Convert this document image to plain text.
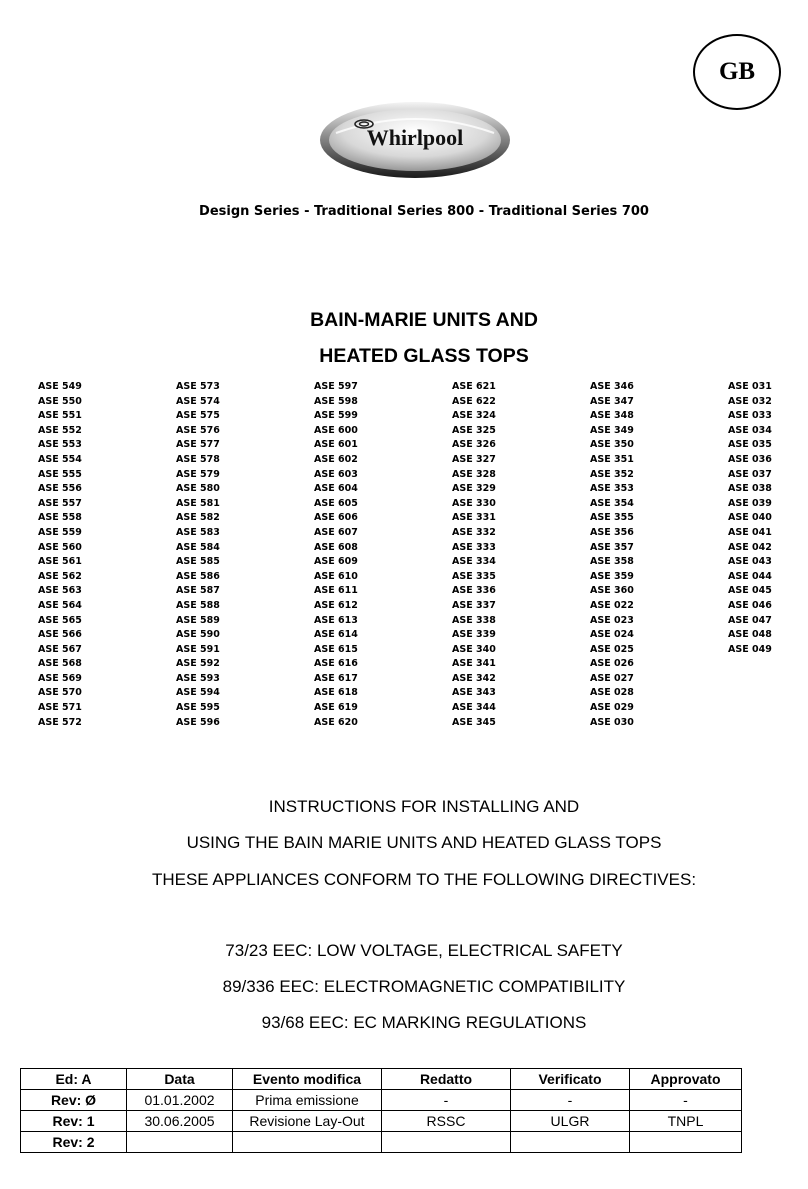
GB
Whirlpool
Design Series - Traditional Series 800 - Traditional Series 700
BAIN-MARIE UNITS AND
HEATED GLASS TOPS
ASE 549
ASE 550
ASE 551
ASE 552
ASE 553
ASE 554
ASE 555
ASE 556
ASE 557
ASE 558
ASE 559
ASE 560
ASE 561
ASE 562
ASE 563
ASE 564
ASE 565
ASE 566
ASE 567
ASE 568
ASE 569
ASE 570
ASE 571
ASE 572
ASE 573
ASE 574
ASE 575
ASE 576
ASE 577
ASE 578
ASE 579
ASE 580
ASE 581
ASE 582
ASE 583
ASE 584
ASE 585
ASE 586
ASE 587
ASE 588
ASE 589
ASE 590
ASE 591
ASE 592
ASE 593
ASE 594
ASE 595
ASE 596
ASE 597
ASE 598
ASE 599
ASE 600
ASE 601
ASE 602
ASE 603
ASE 604
ASE 605
ASE 606
ASE 607
ASE 608
ASE 609
ASE 610
ASE 611
ASE 612
ASE 613
ASE 614
ASE 615
ASE 616
ASE 617
ASE 618
ASE 619
ASE 620
ASE 621
ASE 622
ASE 324
ASE 325
ASE 326
ASE 327
ASE 328
ASE 329
ASE 330
ASE 331
ASE 332
ASE 333
ASE 334
ASE 335
ASE 336
ASE 337
ASE 338
ASE 339
ASE 340
ASE 341
ASE 342
ASE 343
ASE 344
ASE 345
ASE 346
ASE 347
ASE 348
ASE 349
ASE 350
ASE 351
ASE 352
ASE 353
ASE 354
ASE 355
ASE 356
ASE 357
ASE 358
ASE 359
ASE 360
ASE 022
ASE 023
ASE 024
ASE 025
ASE 026
ASE 027
ASE 028
ASE 029
ASE 030
ASE 031
ASE 032
ASE 033
ASE 034
ASE 035
ASE 036
ASE 037
ASE 038
ASE 039
ASE 040
ASE 041
ASE 042
ASE 043
ASE 044
ASE 045
ASE 046
ASE 047
ASE 048
ASE 049
INSTRUCTIONS FOR INSTALLING AND
USING THE BAIN MARIE UNITS AND HEATED GLASS TOPS
THESE APPLIANCES CONFORM TO THE FOLLOWING DIRECTIVES:
73/23 EEC: LOW VOLTAGE, ELECTRICAL SAFETY
89/336 EEC: ELECTROMAGNETIC COMPATIBILITY
93/68 EEC: EC MARKING REGULATIONS
Ed: A	Data	Evento modifica	Redatto	Verificato	Approvato
Rev: Ø	01.01.2002	Prima emissione	-	-	-
Rev: 1	30.06.2005	Revisione Lay-Out	RSSC	ULGR	TNPL
Rev: 2					
